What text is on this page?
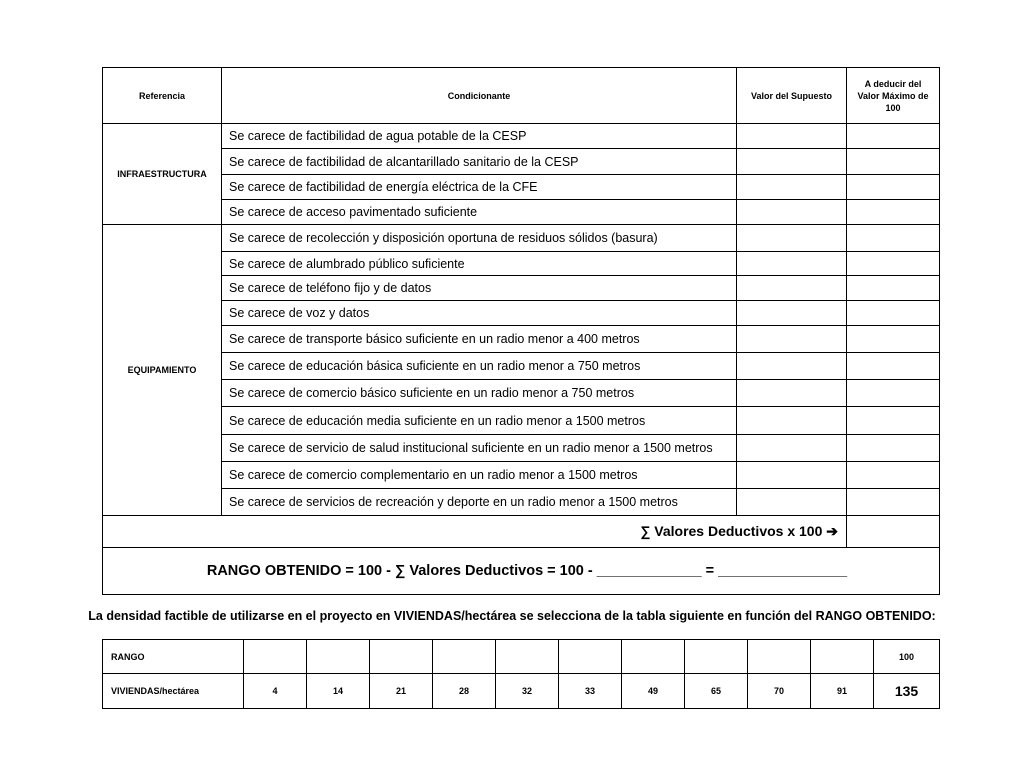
Referencia	Condicionante	Valor del Supuesto	A deducir del Valor Máximo de 100
INFRAESTRUCTURA	Se carece de factibilidad de agua potable de la CESP		
	Se carece de factibilidad de alcantarillado sanitario de la CESP		
	Se carece de factibilidad de energía eléctrica de la CFE		
	Se carece de acceso pavimentado suficiente		
EQUIPAMIENTO	Se carece de recolección y disposición oportuna de residuos sólidos (basura)		
	Se carece de alumbrado público suficiente		
	Se carece de teléfono fijo y de datos		
	Se carece de voz y datos		
	Se carece de transporte básico suficiente en un radio menor a 400 metros		
	Se carece de educación básica suficiente en un radio menor a 750 metros		
	Se carece de comercio básico suficiente en un radio menor a 750 metros		
	Se carece de educación media suficiente en un radio menor a 1500 metros		
	Se carece de servicio de salud institucional suficiente en un radio menor a 1500 metros		
	Se carece de comercio complementario en un radio menor a 1500 metros		
	Se carece de servicios de recreación y deporte en un radio menor a 1500 metros		
∑ Valores Deductivos x 100 ➔			
RANGO OBTENIDO = 100 - ∑ Valores Deductivos = 100 - _____________ = ________________			
La densidad factible de utilizarse en el proyecto en VIVIENDAS/hectárea se selecciona de la tabla siguiente en función del RANGO OBTENIDO:
RANGO											100
VIVIENDAS/hectárea	4	14	21	28	32	33	49	65	70	91	135
